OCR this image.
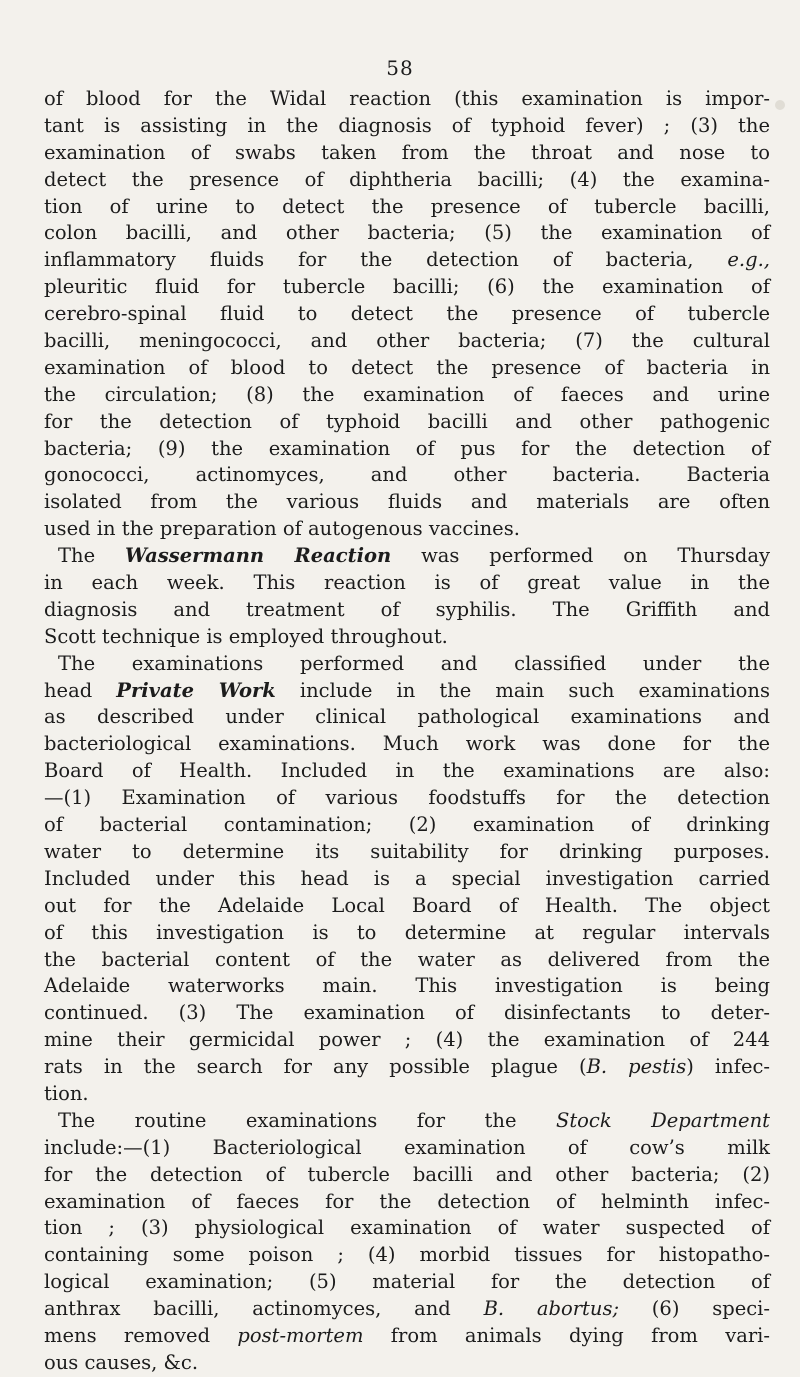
58
of blood for the Widal reaction (this examination is impor-
tant is assisting in the diagnosis of typhoid fever) ; (3) the
examination of swabs taken from the throat and nose to
detect the presence of diphtheria bacilli; (4) the examina-
tion of urine to detect the presence of tubercle bacilli,
colon bacilli, and other bacteria; (5) the examination of
inflammatory fluids for the detection of bacteria, e.g.,
pleuritic fluid for tubercle bacilli; (6) the examination of
cerebro-spinal fluid to detect the presence of tubercle
bacilli, meningococci, and other bacteria; (7) the cultural
examination of blood to detect the presence of bacteria in
the circulation; (8) the examination of faeces and urine
for the detection of typhoid bacilli and other pathogenic
bacteria; (9) the examination of pus for the detection of
gonococci, actinomyces, and other bacteria. Bacteria
isolated from the various fluids and materials are often
used in the preparation of autogenous vaccines.
The Wassermann Reaction was performed on Thursday
in each week. This reaction is of great value in the
diagnosis and treatment of syphilis. The Griffith and
Scott technique is employed throughout.
The examinations performed and classified under the
head Private Work include in the main such examinations
as described under clinical pathological examinations and
bacteriological examinations. Much work was done for the
Board of Health. Included in the examinations are also:
—(1) Examination of various foodstuffs for the detection
of bacterial contamination; (2) examination of drinking
water to determine its suitability for drinking purposes.
Included under this head is a special investigation carried
out for the Adelaide Local Board of Health. The object
of this investigation is to determine at regular intervals
the bacterial content of the water as delivered from the
Adelaide waterworks main. This investigation is being
continued. (3) The examination of disinfectants to deter-
mine their germicidal power ; (4) the examination of 244
rats in the search for any possible plague (B. pestis) infec-
tion.
The routine examinations for the Stock Department
include:—(1) Bacteriological examination of cow’s milk
for the detection of tubercle bacilli and other bacteria; (2)
examination of faeces for the detection of helminth infec-
tion ; (3) physiological examination of water suspected of
containing some poison ; (4) morbid tissues for histopatho-
logical examination; (5) material for the detection of
anthrax bacilli, actinomyces, and B. abortus; (6) speci-
mens removed post-mortem from animals dying from vari-
ous causes, &c.
